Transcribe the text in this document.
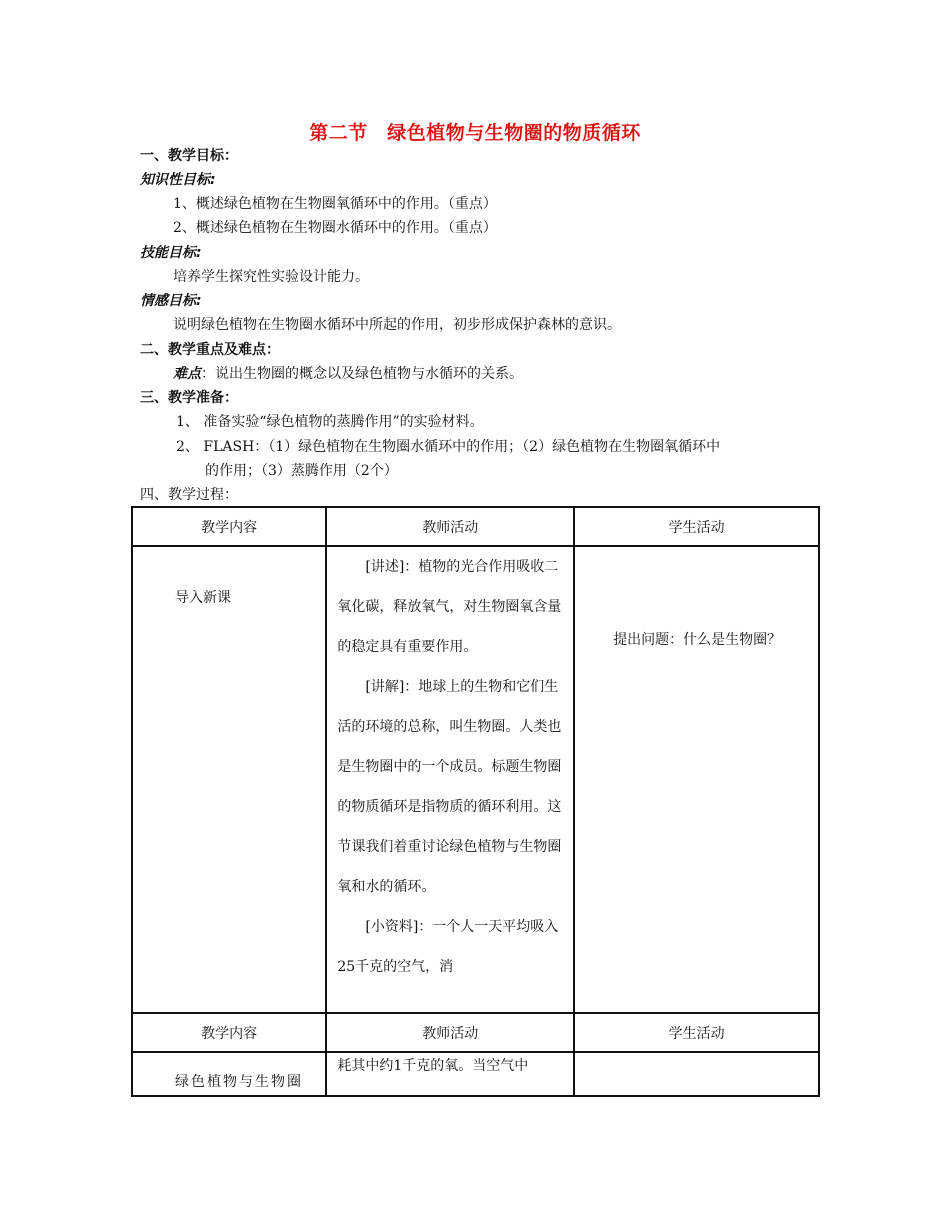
第二节　绿色植物与生物圈的物质循环
一、教学目标：
知识性目标:
1、概述绿色植物在生物圈氧循环中的作用。（重点）
2、概述绿色植物在生物圈水循环中的作用。（重点）
技能目标:
培养学生探究性实验设计能力。
情感目标:
说明绿色植物在生物圈水循环中所起的作用，初步形成保护森林的意识。
二、教学重点及难点：
难点：说出生物圈的概念以及绿色植物与水循环的关系。
三、教学准备：
1、 准备实验“绿色植物的蒸腾作用”的实验材料。
2、 FLASH：（1）绿色植物在生物圈水循环中的作用；（2）绿色植物在生物圈氧循环中
的作用；（3）蒸腾作用（2个）
四、教学过程：
教学内容	教师活动	学生活动

导入新课	[讲述]：植物的光合作用吸收二氧化碳，释放氧气，对生物圈氧含量的稳定具有重要作用。
[讲解]：地球上的生物和它们生活的环境的总称，叫生物圈。人类也是生物圈中的一个成员。标题生物圈的物质循环是指物质的循环利用。这节课我们着重讨论绿色植物与生物圈氧和水的循环。
[小资料]：一个人一天平均吸入25千克的空气，消	提出问题：什么是生物圈？

教学内容	教师活动	学生活动

绿色植物与生物圈	耗其中约1千克的氧。当空气中	
